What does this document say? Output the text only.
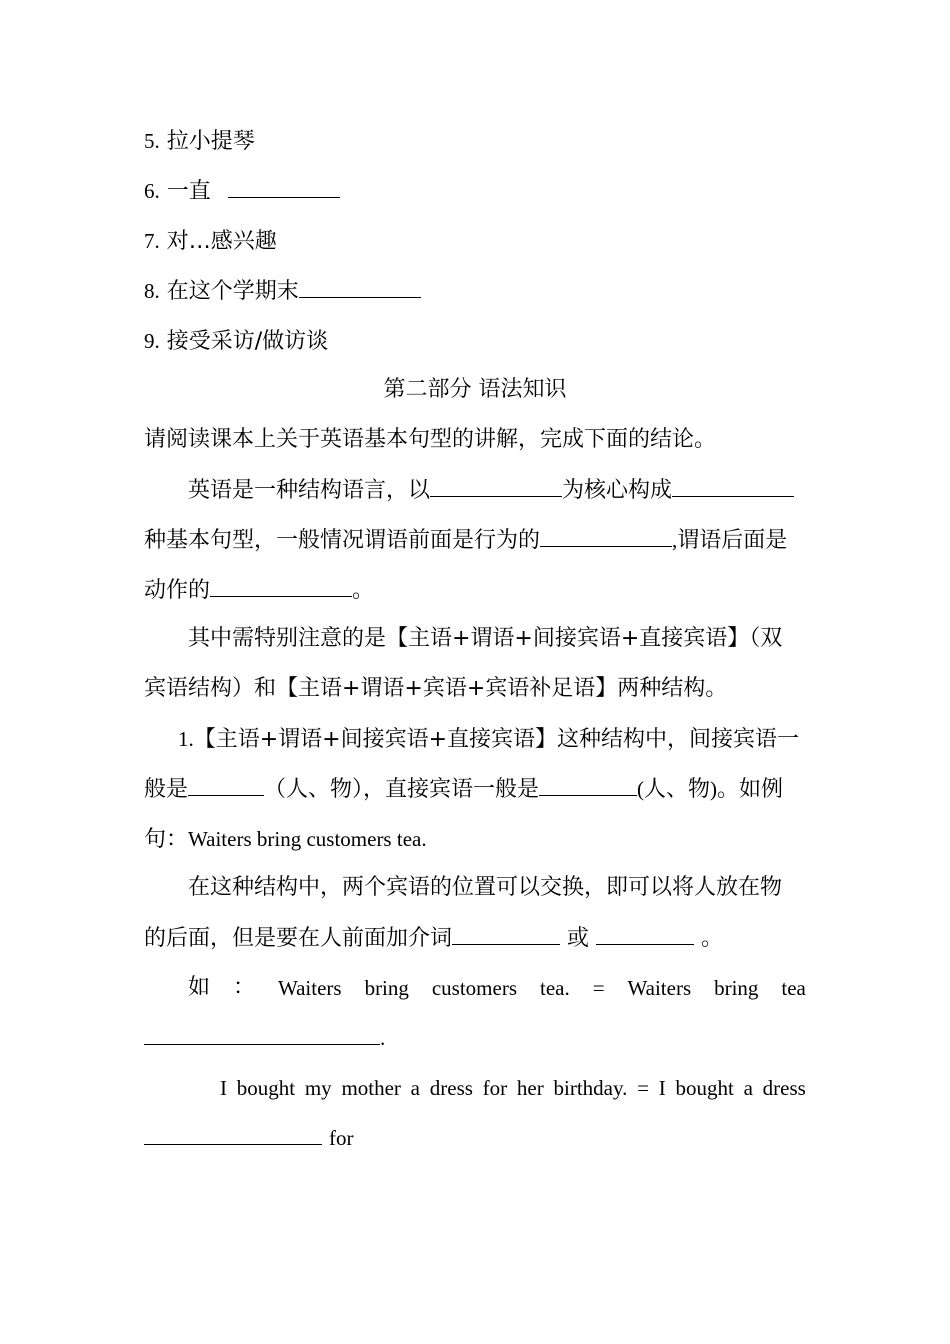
5. 拉小提琴
6. 一直
7. 对…感兴趣
8. 在这个学期末
9. 接受采访/做访谈
第二部分 语法知识
请阅读课本上关于英语基本句型的讲解，完成下面的结论。
英语是一种结构语言，以	为核心构成
种基本句型，一般情况谓语前面是行为的	,谓语后面是
动作的	。
其中需特别注意的是【主语+谓语+间接宾语+直接宾语】（双
宾语结构）和【主语+谓语+宾语+宾语补足语】两种结构。
1.【主语+谓语+间接宾语+直接宾语】这种结构中，间接宾语一
般是	（人、物），直接宾语一般是	(人、物)。如例
句：Waiters bring customers tea.
在这种结构中，两个宾语的位置可以交换，即可以将人放在物
的后面，但是要在人前面加介词	或	。
如 ： Waiters bring customers tea. = Waiters bring tea
.
I bought my mother a dress for her birthday. = I bought a dress
for
